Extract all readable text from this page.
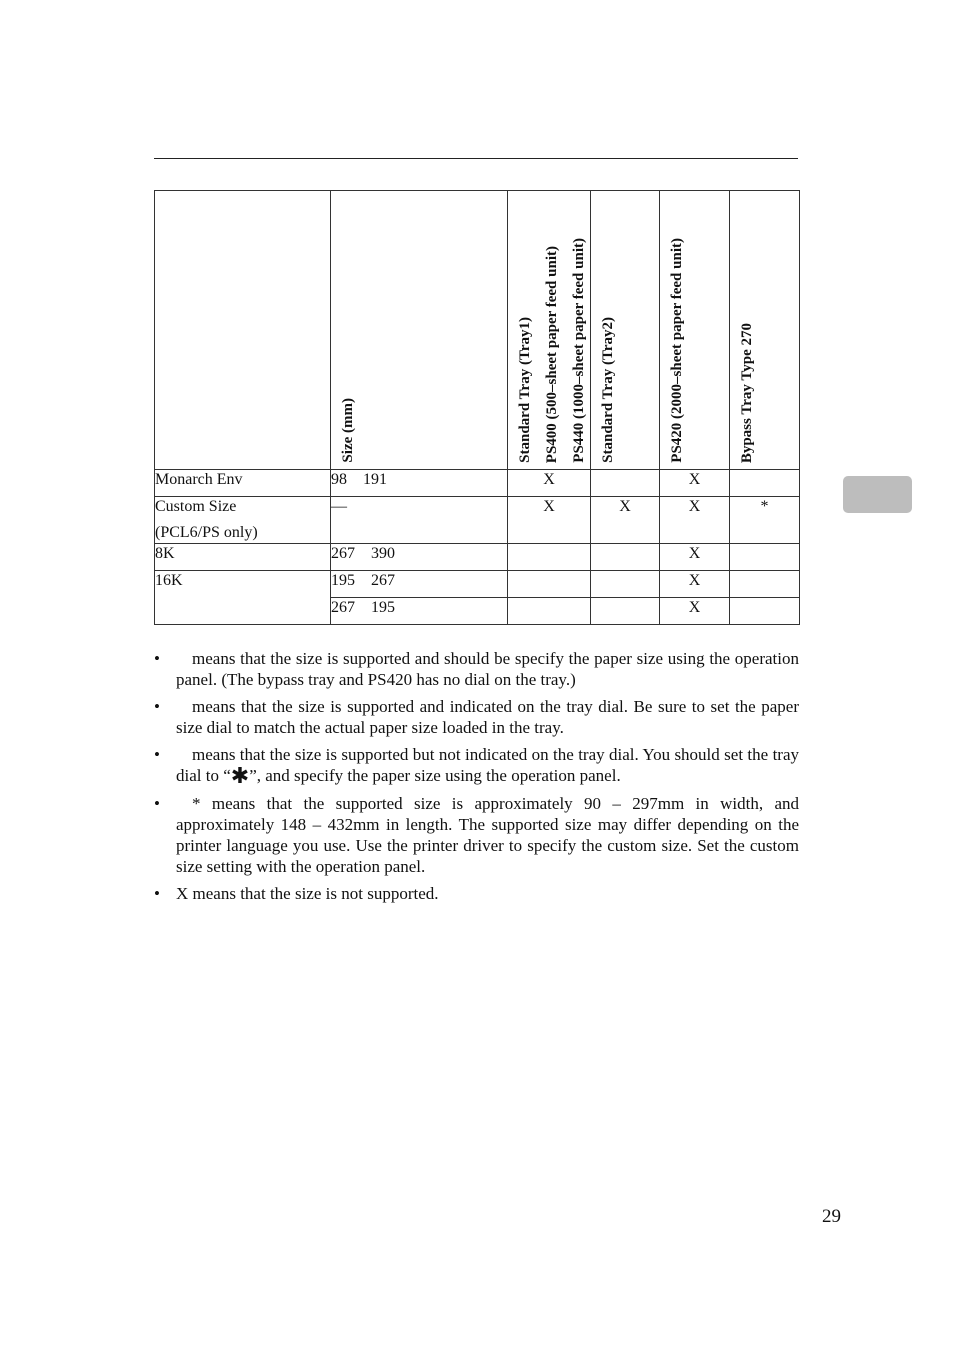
	Size (mm)	Standard Tray (Tray1) PS400 (500–sheet paper feed unit) PS440 (1000–sheet paper feed unit)	Standard Tray (Tray2)	PS420 (2000–sheet paper feed unit)	Bypass Tray Type 270

Monarch Env	98    191	X		X	

Custom Size
(PCL6/PS only)	—	X	X	X	*
8K	267    390			X	
16K	195    267			X	
	267    195			X	
• means that the size is supported and should be specify the paper size using the operation panel. (The bypass tray and PS420 has no dial on the tray.)
• means that the size is supported and indicated on the tray dial. Be sure to set the paper size dial to match the actual paper size loaded in the tray.
• means that the size is supported but not indicated on the tray dial. You should set the tray dial to “✱”, and specify the paper size using the operation panel.
• * means that the supported size is approximately 90 – 297mm in width, and approximately 148 – 432mm in length. The supported size may differ depending on the printer language you use. Use the printer driver to specify the custom size. Set the custom size setting with the operation panel.
• X means that the size is not supported.
29
